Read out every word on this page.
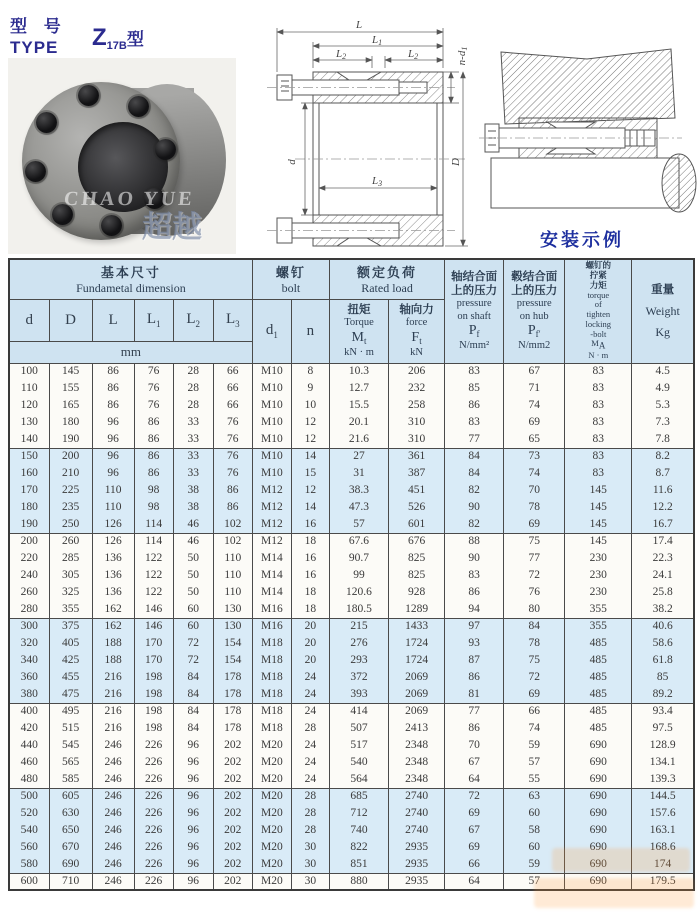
型 号
TYPE	$Z_{17B}$型
CHAO YUE
超越
L
L1
L2	L2
L3
n-d1
d	D
安装示例
基本尺寸
Fundametal dimension

螺钉
bolt

额定负荷
Rated load

轴结合面
上的压力
pressure
on shaft
$P_f$
N/mm²

毂结合面
上的压力
pressure
on hub
$P_{f'}$
N/mm2

螺钉的
拧紧
力矩
torque
of
tighten
locking
-bolt
$M_A$
N · m

重量
Weight
Kg

d	D	L	$L_1$	$L_2$	$L_3$	$d_1$	n	
扭矩
Torque
$M_t$
kN · m

轴向力
force
$F_t$
kN

mm													
100	145	86	76	28	66	M10	8	10.3	206	83	67	83	4.5
110	155	86	76	28	66	M10	9	12.7	232	85	71	83	4.9
120	165	86	76	28	66	M10	10	15.5	258	86	74	83	5.3
130	180	96	86	33	76	M10	12	20.1	310	83	69	83	7.3
140	190	96	86	33	76	M10	12	21.6	310	77	65	83	7.8
150	200	96	86	33	76	M10	14	27	361	84	73	83	8.2
160	210	96	86	33	76	M10	15	31	387	84	74	83	8.7
170	225	110	98	38	86	M12	12	38.3	451	82	70	145	11.6
180	235	110	98	38	86	M12	14	47.3	526	90	78	145	12.2
190	250	126	114	46	102	M12	16	57	601	82	69	145	16.7
200	260	126	114	46	102	M12	18	67.6	676	88	75	145	17.4
220	285	136	122	50	110	M14	16	90.7	825	90	77	230	22.3
240	305	136	122	50	110	M14	16	99	825	83	72	230	24.1
260	325	136	122	50	110	M14	18	120.6	928	86	76	230	25.8
280	355	162	146	60	130	M16	18	180.5	1289	94	80	355	38.2
300	375	162	146	60	130	M16	20	215	1433	97	84	355	40.6
320	405	188	170	72	154	M18	20	276	1724	93	78	485	58.6
340	425	188	170	72	154	M18	20	293	1724	87	75	485	61.8
360	455	216	198	84	178	M18	24	372	2069	86	72	485	85
380	475	216	198	84	178	M18	24	393	2069	81	69	485	89.2
400	495	216	198	84	178	M18	24	414	2069	77	66	485	93.4
420	515	216	198	84	178	M18	28	507	2413	86	74	485	97.5
440	545	246	226	96	202	M20	24	517	2348	70	59	690	128.9
460	565	246	226	96	202	M20	24	540	2348	67	57	690	134.1
480	585	246	226	96	202	M20	24	564	2348	64	55	690	139.3
500	605	246	226	96	202	M20	28	685	2740	72	63	690	144.5
520	630	246	226	96	202	M20	28	712	2740	69	60	690	157.6
540	650	246	226	96	202	M20	28	740	2740	67	58	690	163.1
560	670	246	226	96	202	M20	30	822	2935	69	60	690	168.6
580	690	246	226	96	202	M20	30	851	2935	66	59	690	174
600	710	246	226	96	202	M20	30	880	2935	64	57	690	179.5
